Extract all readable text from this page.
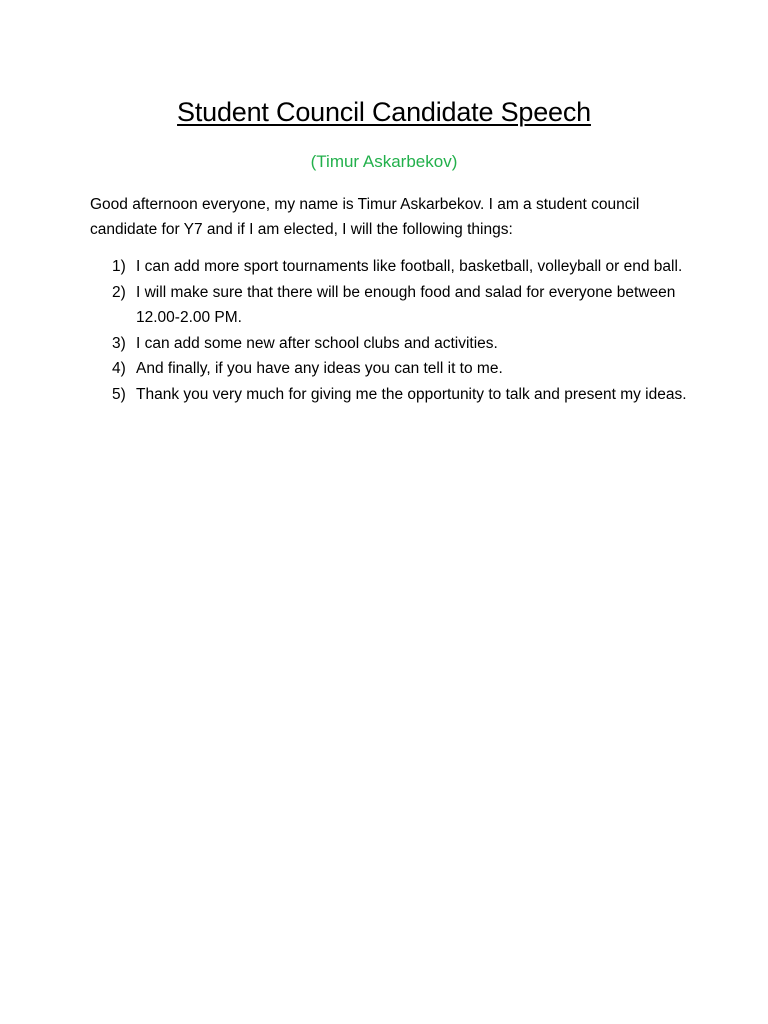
Student Council Candidate Speech
(Timur Askarbekov)

Good afternoon everyone, my name is Timur Askarbekov. I am a student council candidate for Y7 and if I am elected, I will the following things:

1) I can add more sport tournaments like football, basketball, volleyball or end ball.
2) I will make sure that there will be enough food and salad for everyone between 12.00-2.00 PM.
3) I can add some new after school clubs and activities.
4) And finally, if you have any ideas you can tell it to me.
5) Thank you very much for giving me the opportunity to talk and present my ideas.
